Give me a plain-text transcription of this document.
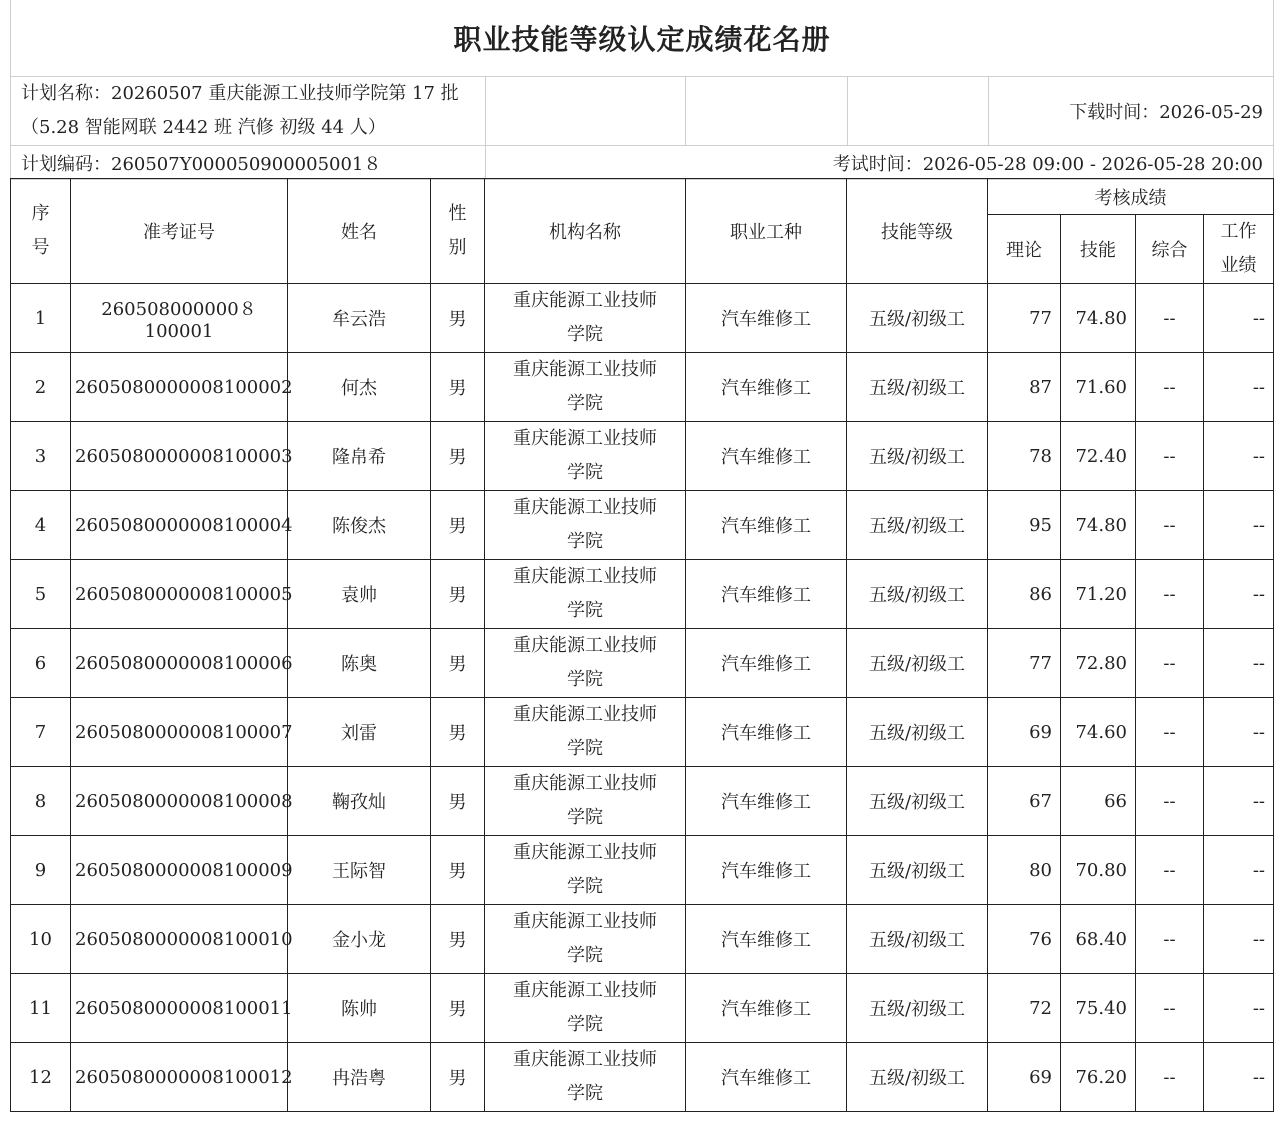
职业技能等级认定成绩花名册
计划名称：20260507 重庆能源工业技师学院第 17 批
（5.28 智能网联 2442 班 汽修 初级 44 人）				下载时间：2026-05-29
计划编码：260507Y000050900005001８	考试时间：2026-05-28 09:00 - 2026-05-28 20:00			
序
号	准考证号	姓名	性
别	机构名称	职业工种	技能等级	考核成绩			
							理论	技能	综合	工作
业绩

1	260508000000８100001	牟云浩	男	重庆能源工业技师
学院	汽车维修工	五级/初级工	77	74.80	--	--
2	2605080000008100002	何杰	男	重庆能源工业技师
学院	汽车维修工	五级/初级工	87	71.60	--	--
3	2605080000008100003	隆帛希	男	重庆能源工业技师
学院	汽车维修工	五级/初级工	78	72.40	--	--
4	2605080000008100004	陈俊杰	男	重庆能源工业技师
学院	汽车维修工	五级/初级工	95	74.80	--	--
5	2605080000008100005	袁帅	男	重庆能源工业技师
学院	汽车维修工	五级/初级工	86	71.20	--	--
6	2605080000008100006	陈奥	男	重庆能源工业技师
学院	汽车维修工	五级/初级工	77	72.80	--	--
7	2605080000008100007	刘雷	男	重庆能源工业技师
学院	汽车维修工	五级/初级工	69	74.60	--	--
8	2605080000008100008	鞠孜灿	男	重庆能源工业技师
学院	汽车维修工	五级/初级工	67	66	--	--
9	2605080000008100009	王际智	男	重庆能源工业技师
学院	汽车维修工	五级/初级工	80	70.80	--	--
10	2605080000008100010	金小龙	男	重庆能源工业技师
学院	汽车维修工	五级/初级工	76	68.40	--	--
11	2605080000008100011	陈帅	男	重庆能源工业技师
学院	汽车维修工	五级/初级工	72	75.40	--	--
12	2605080000008100012	冉浩粤	男	重庆能源工业技师
学院	汽车维修工	五级/初级工	69	76.20	--	--
